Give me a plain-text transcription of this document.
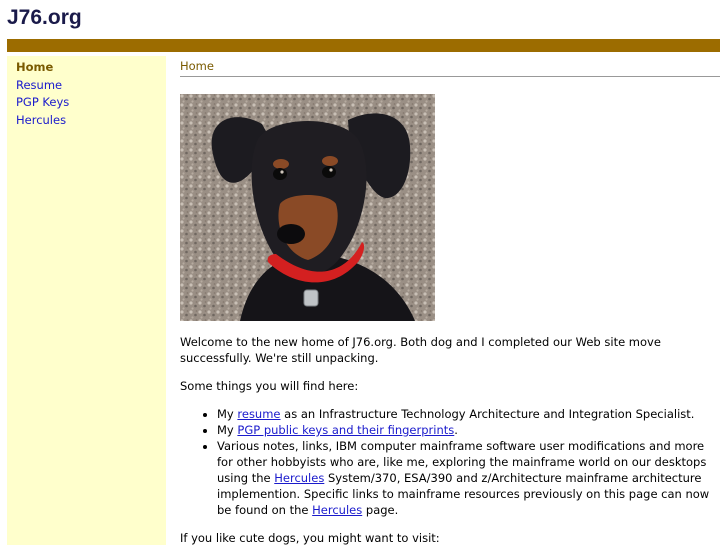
J76.org
Home
Resume
PGP Keys
Hercules
Home

Welcome to the new home of J76.org. Both dog and I completed our Web site move successfully. We're still unpacking.

Some things you will find here:

• My resume as an Infrastructure Technology Architecture and Integration Specialist.
• My PGP public keys and their fingerprints.
• Various notes, links, IBM computer mainframe software user modifications and more for other hobbyists who are, like me, exploring the mainframe world on our desktops using the Hercules System/370, ESA/390 and z/Architecture mainframe architecture implemention. Specific links to mainframe resources previously on this page can now be found on the Hercules page.

If you like cute dogs, you might want to visit:
